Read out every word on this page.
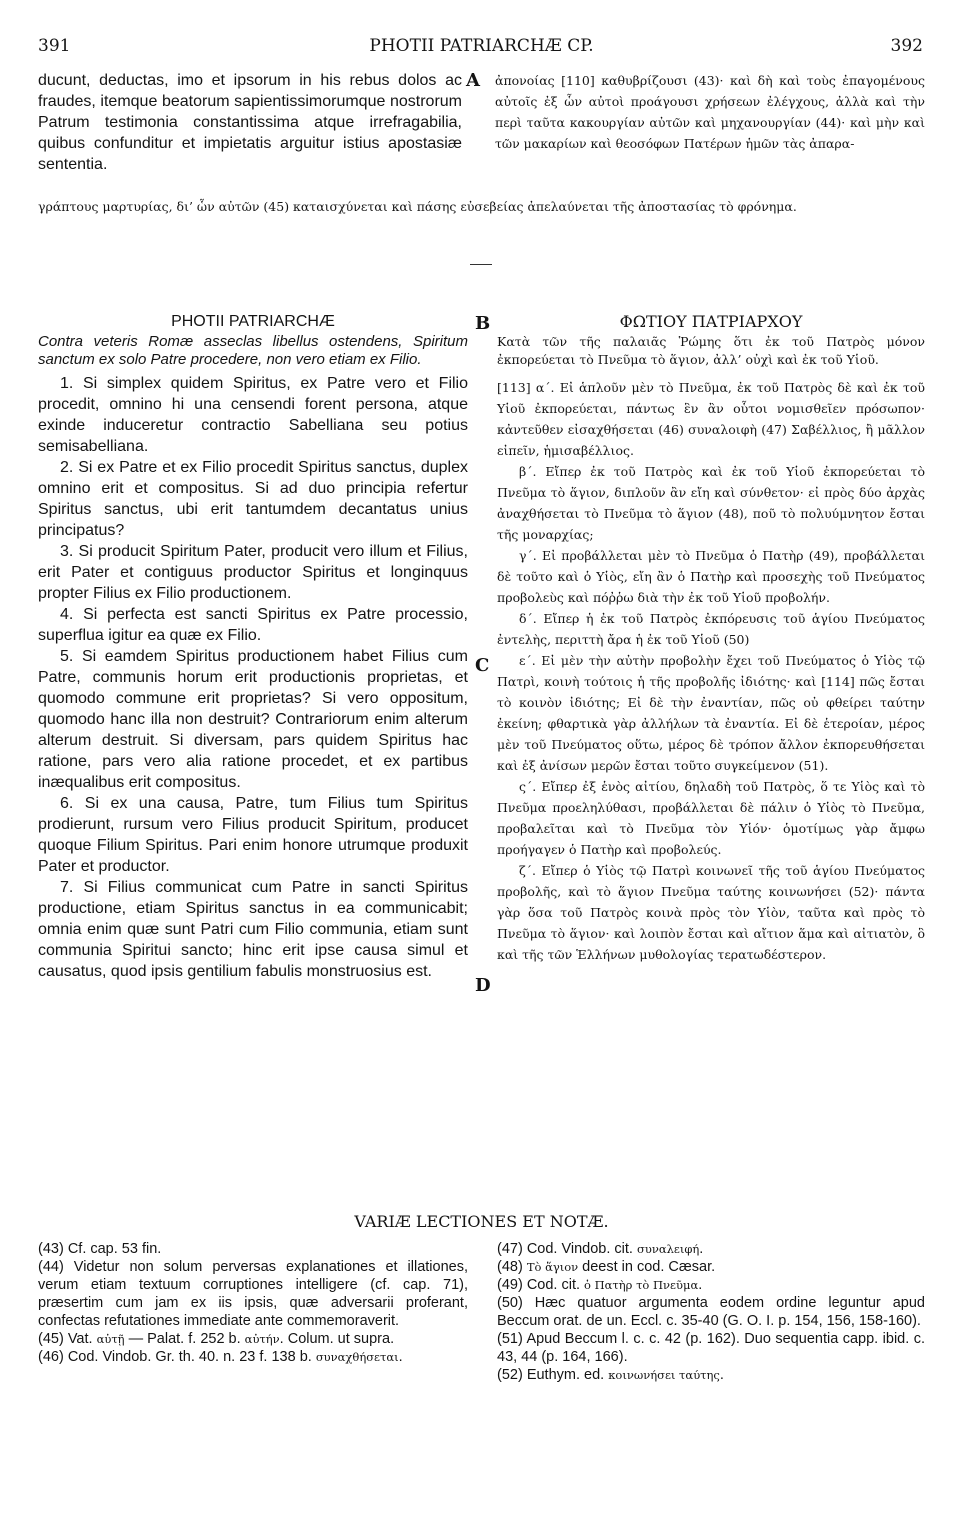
391	PHOTII PATRIARCHÆ CP.	392

ducunt, deductas, imo et ipsorum in his rebus dolos ac fraudes, itemque beatorum sapientissimorumque nostrorum Patrum testimonia constantissima atque irrefragabilia, quibus confunditur et impietatis arguitur istius apostasiæ sententia.

A ἀπονοίας [110] καθυβρίζουσι (43)· καὶ δὴ καὶ τοὺς ἐπαγομένους αὐτοῖς ἐξ ὧν αὐτοὶ προάγουσι χρήσεων ἐλέγχους, ἀλλὰ καὶ τὴν περὶ ταῦτα κακουργίαν αὐτῶν καὶ μηχανουργίαν (44)· καὶ μὴν καὶ τῶν μακαρίων καὶ θεοσόφων Πατέρων ἡμῶν τὰς ἀπαρα-

γράπτους μαρτυρίας, δι’ ὧν αὐτῶν (45) καταισχύνεται καὶ πάσης εὐσεβείας ἀπελαύνεται τῆς ἀποστασίας τὸ φρόνημα.

B
C
D
PHOTII PATRIARCHÆ

Contra veteris Romæ asseclas libellus ostendens, Spiritum sanctum ex solo Patre procedere, non vero etiam ex Filio.

1. Si simplex quidem Spiritus, ex Patre vero et Filio procedit, omnino hi una censendi forent persona, atque exinde induceretur contractio Sabelliana seu potius semisabelliana.

2. Si ex Patre et ex Filio procedit Spiritus sanctus, duplex omnino erit et compositus. Si ad duo principia refertur Spiritus sanctus, ubi erit tantumdem decantatus unius principatus?

3. Si producit Spiritum Pater, producit vero illum et Filius, erit Pater et contiguus productor Spiritus et longinquus propter Filius ex Filio productionem.

4. Si perfecta est sancti Spiritus ex Patre processio, superflua igitur ea quæ ex Filio.

5. Si eamdem Spiritus productionem habet Filius cum Patre, communis horum erit productionis proprietas, et quomodo commune erit proprietas? Si vero oppositum, quomodo hanc illa non destruit? Contrariorum enim alterum alterum destruit. Si diversam, pars quidem Spiritus hac ratione, pars vero alia ratione procedet, et ex partibus inæqualibus erit compositus.

6. Si ex una causa, Patre, tum Filius tum Spiritus prodierunt, rursum vero Filius producit Spiritum, producet quoque Filium Spiritus. Pari enim honore utrumque produxit Pater et productor.

7. Si Filius communicat cum Patre in sancti Spiritus productione, etiam Spiritus sanctus in ea communicabit; omnia enim quæ sunt Patri cum Filio communia, etiam sunt communia Spiritui sancto; hinc erit ipse causa simul et causatus, quod ipsis gentilium fabulis monstruosius est.

ΦΩΤΙΟΥ ΠΑΤΡΙΑΡΧΟΥ

Κατὰ τῶν τῆς παλαιᾶς Ῥώμης ὅτι ἐκ τοῦ Πατρὸς μόνον ἐκπορεύεται τὸ Πνεῦμα τὸ ἅγιον, ἀλλ’ οὐχὶ καὶ ἐκ τοῦ Υἱοῦ.

[113] α΄. Εἰ ἁπλοῦν μὲν τὸ Πνεῦμα, ἐκ τοῦ Πατρὸς δὲ καὶ ἐκ τοῦ Υἱοῦ ἐκπορεύεται, πάντως ἓν ἂν οὗτοι νομισθεῖεν πρόσωπον· κἀντεῦθεν εἰσαχθήσεται (46) συναλοιφὴ (47) Σαβέλλιος, ἢ μᾶλλον εἰπεῖν, ἡμισαβέλλιος.

β΄. Εἴπερ ἐκ τοῦ Πατρὸς καὶ ἐκ τοῦ Υἱοῦ ἐκπορεύεται τὸ Πνεῦμα τὸ ἅγιον, διπλοῦν ἂν εἴη καὶ σύνθετον· εἰ πρὸς δύο ἀρχὰς ἀναχθήσεται τὸ Πνεῦμα τὸ ἅγιον (48), ποῦ τὸ πολυύμνητον ἔσται τῆς μοναρχίας;

γ΄. Εἰ προβάλλεται μὲν τὸ Πνεῦμα ὁ Πατὴρ (49), προβάλλεται δὲ τοῦτο καὶ ὁ Υἱὸς, εἴη ἂν ὁ Πατὴρ καὶ προσεχὴς τοῦ Πνεύματος προβολεὺς καὶ πόῤῥω διὰ τὴν ἐκ τοῦ Υἱοῦ προβολήν.

δ΄. Εἴπερ ἡ ἐκ τοῦ Πατρὸς ἐκπόρευσις τοῦ ἁγίου Πνεύματος ἐντελὴς, περιττὴ ἄρα ἡ ἐκ τοῦ Υἱοῦ (50)

ε΄. Εἰ μὲν τὴν αὐτὴν προβολὴν ἔχει τοῦ Πνεύματος ὁ Υἱὸς τῷ Πατρὶ, κοινὴ τούτοις ἡ τῆς προβολῆς ἰδιότης· καὶ [114] πῶς ἔσται τὸ κοινὸν ἰδιότης; Εἰ δὲ τὴν ἐναντίαν, πῶς οὐ φθείρει ταύτην ἐκείνη; φθαρτικὰ γὰρ ἀλλήλων τὰ ἐναντία. Εἰ δὲ ἑτεροίαν, μέρος μὲν τοῦ Πνεύματος οὕτω, μέρος δὲ τρόπον ἄλλον ἐκπορευθήσεται καὶ ἐξ ἀνίσων μερῶν ἔσται τοῦτο συγκείμενον (51).

ς΄. Εἴπερ ἐξ ἑνὸς αἰτίου, δηλαδὴ τοῦ Πατρὸς, ὅ τε Υἱὸς καὶ τὸ Πνεῦμα προεληλύθασι, προβάλλεται δὲ πάλιν ὁ Υἱὸς τὸ Πνεῦμα, προβαλεῖται καὶ τὸ Πνεῦμα τὸν Υἱόν· ὁμοτίμως γὰρ ἄμφω προήγαγεν ὁ Πατὴρ καὶ προβολεύς.

ζ΄. Εἴπερ ὁ Υἱὸς τῷ Πατρὶ κοινωνεῖ τῆς τοῦ ἁγίου Πνεύματος προβολῆς, καὶ τὸ ἅγιον Πνεῦμα ταύτης κοινωνήσει (52)· πάντα γὰρ ὅσα τοῦ Πατρὸς κοινὰ πρὸς τὸν Υἱὸν, ταῦτα καὶ πρὸς τὸ Πνεῦμα τὸ ἅγιον· καὶ λοιπὸν ἔσται καὶ αἴτιον ἅμα καὶ αἰτιατὸν, ὃ καὶ τῆς τῶν Ἑλλήνων μυθολογίας τερατωδέστερον.

VARIÆ LECTIONES ET NOTÆ.

(43) Cf. cap. 53 fin.

(44) Videtur non solum perversas explanationes et illationes, verum etiam textuum corruptiones intelligere (cf. cap. 71), præsertim cum jam ex iis ipsis, quæ adversarii proferant, confectas refutationes immediate ante commemoraverit.

(45) Vat. αὐτῇ — Palat. f. 252 b. αὐτήν. Colum. ut supra.

(46) Cod. Vindob. Gr. th. 40. n. 23 f. 138 b. συναχθήσεται.

(47) Cod. Vindob. cit. συναλειφή.

(48) Τὸ ἅγιον deest in cod. Cæsar.

(49) Cod. cit. ὁ Πατὴρ τὸ Πνεῦμα.

(50) Hæc quatuor argumenta eodem ordine leguntur apud Beccum orat. de un. Eccl. c. 35-40 (G. O. I. p. 154, 156, 158-160).

(51) Apud Beccum l. c. c. 42 (p. 162). Duo sequentia capp. ibid. c. 43, 44 (p. 164, 166).

(52) Euthym. ed. κοινωνήσει ταύτης.
